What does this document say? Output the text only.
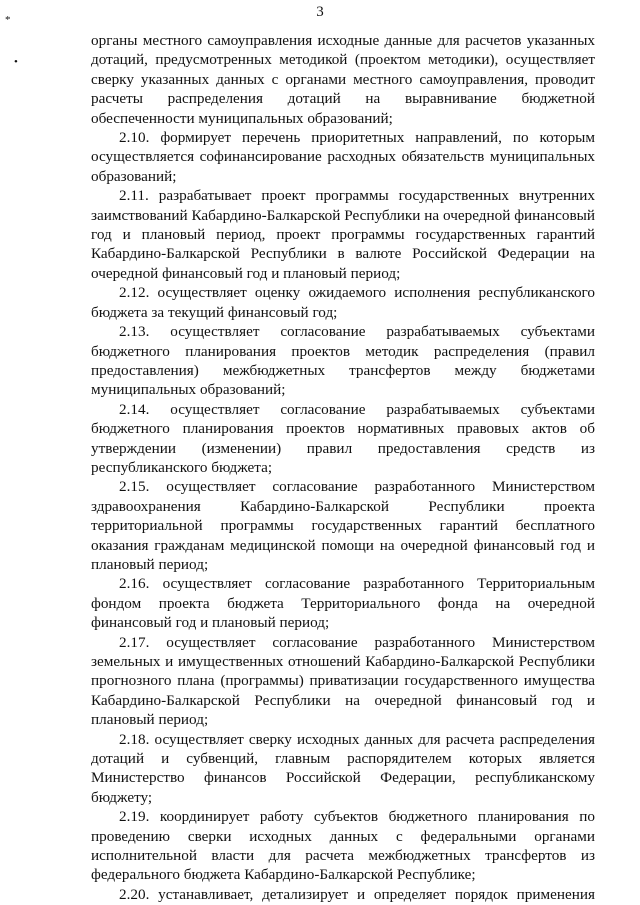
3
*
•

органы местного самоуправления исходные данные для расчетов указанных дотаций, предусмотренных методикой (проектом методики), осуществляет сверку указанных данных с органами местного самоуправления, проводит расчеты распределения дотаций на выравнивание бюджетной обеспеченности муниципальных образований;

2.10. формирует перечень приоритетных направлений, по которым осуществляется софинансирование расходных обязательств муниципальных образований;

2.11. разрабатывает проект программы государственных внутренних заимствований Кабардино-Балкарской Республики на очередной финансовый год и плановый период, проект программы государственных гарантий Кабардино-Балкарской Республики в валюте Российской Федерации на очередной финансовый год и плановый период;

2.12. осуществляет оценку ожидаемого исполнения республиканского бюджета за текущий финансовый год;

2.13. осуществляет согласование разрабатываемых субъектами бюджетного планирования проектов методик распределения (правил предоставления) межбюджетных трансфертов между бюджетами муниципальных образований;

2.14. осуществляет согласование разрабатываемых субъектами бюджетного планирования проектов нормативных правовых актов об утверждении (изменении) правил предоставления средств из республиканского бюджета;

2.15. осуществляет согласование разработанного Министерством здравоохранения Кабардино-Балкарской Республики проекта территориальной программы государственных гарантий бесплатного оказания гражданам медицинской помощи на очередной финансовый год и плановый период;

2.16. осуществляет согласование разработанного Территориальным фондом проекта бюджета Территориального фонда на очередной финансовый год и плановый период;

2.17. осуществляет согласование разработанного Министерством земельных и имущественных отношений Кабардино-Балкарской Республики прогнозного плана (программы) приватизации государственного имущества Кабардино-Балкарской Республики на очередной финансовый год и плановый период;

2.18. осуществляет сверку исходных данных для расчета распределения дотаций и субвенций, главным распорядителем которых является Министерство финансов Российской Федерации, республиканскому бюджету;

2.19. координирует работу субъектов бюджетного планирования по проведению сверки исходных данных с федеральными органами исполнительной власти для расчета межбюджетных трансфертов из федерального бюджета Кабардино-Балкарской Республике;

2.20. устанавливает, детализирует и определяет порядок применения
